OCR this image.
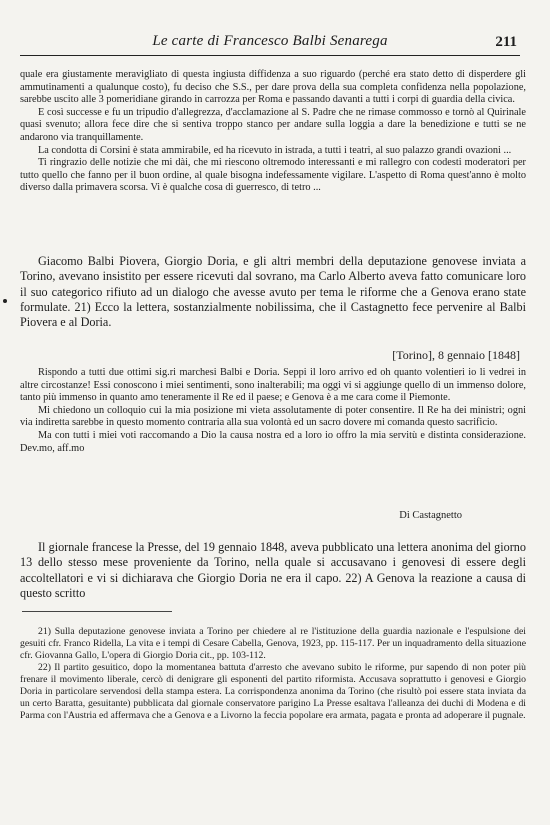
Le carte di Francesco Balbi Senarega	211

quale era giustamente meravigliato di questa ingiusta diffidenza a suo riguardo (perché era stato detto di disperdere gli ammutinamenti a qualunque costo), fu deciso che S.S., per dare prova della sua completa confidenza nella popolazione, sarebbe uscito alle 3 pomeridiane girando in carrozza per Roma e passando davanti a tutti i corpi di guardia della civica.

E così successe e fu un tripudio d'allegrezza, d'acclamazione al S. Padre che ne rimase commosso e tornò al Quirinale quasi svenuto; allora fece dire che si sentiva troppo stanco per andare sulla loggia a dare la benedizione e tutti se ne andarono via tranquillamente.

La condotta di Corsini è stata ammirabile, ed ha ricevuto in istrada, a tutti i teatri, al suo palazzo grandi ovazioni ...

Ti ringrazio delle notizie che mi dài, che mi riescono oltremodo interessanti e mi rallegro con codesti moderatori per tutto quello che fanno per il buon ordine, al quale bisogna indefessamente vigilare. L'aspetto di Roma quest'anno è molto diverso dalla primavera scorsa. Vi è qualche cosa di guerresco, di tetro ...

Giacomo Balbi Piovera, Giorgio Doria, e gli altri membri della deputazione genovese inviata a Torino, avevano insistito per essere ricevuti dal sovrano, ma Carlo Alberto aveva fatto comunicare loro il suo categorico rifiuto ad un dialogo che avesse avuto per tema le riforme che a Genova erano state formulate. 21) Ecco la lettera, sostanzialmente nobilissima, che il Castagnetto fece pervenire al Balbi Piovera e al Doria.
[Torino], 8 gennaio [1848]

Rispondo a tutti due ottimi sig.ri marchesi Balbi e Doria. Seppi il loro arrivo ed oh quanto volentieri io li vedrei in altre circostanze! Essi conoscono i miei sentimenti, sono inalterabili; ma oggi vi si aggiunge quello di un immenso dolore, tanto più immenso in quanto amo teneramente il Re ed il paese; e Genova è a me cara come il Piemonte.

Mi chiedono un colloquio cui la mia posizione mi vieta assolutamente di poter consentire. Il Re ha dei ministri; ogni via indiretta sarebbe in questo momento contraria alla sua volontà ed un sacro dovere mi comanda questo sacrificio.

Ma con tutti i miei voti raccomando a Dio la causa nostra ed a loro io offro la mia servitù e distinta considerazione. Dev.mo, aff.mo

Di Castagnetto
Il giornale francese la Presse, del 19 gennaio 1848, aveva pubblicato una lettera anonima del giorno 13 dello stesso mese proveniente da Torino, nella quale si accusavano i genovesi di essere degli accoltellatori e vi si dichiarava che Giorgio Doria ne era il capo. 22) A Genova la reazione a causa di questo scritto

21) Sulla deputazione genovese inviata a Torino per chiedere al re l'istituzione della guardia nazionale e l'espulsione dei gesuiti cfr. Franco Ridella, La vita e i tempi di Cesare Cabella, Genova, 1923, pp. 115-117. Per un inquadramento della situazione cfr. Giovanna Gallo, L'opera di Giorgio Doria cit., pp. 103-112.

22) Il partito gesuitico, dopo la momentanea battuta d'arresto che avevano subito le riforme, pur sapendo di non poter più frenare il movimento liberale, cercò di denigrare gli esponenti del partito riformista. Accusava soprattutto i genovesi e Giorgio Doria in particolare servendosi della stampa estera. La corrispondenza anonima da Torino (che risultò poi essere stata inviata da un certo Baratta, gesuitante) pubblicata dal giornale conservatore parigino La Presse esaltava l'alleanza dei duchi di Modena e di Parma con l'Austria ed affermava che a Genova e a Livorno la feccia popolare era armata, pagata e pronta ad adoperare il pugnale.
